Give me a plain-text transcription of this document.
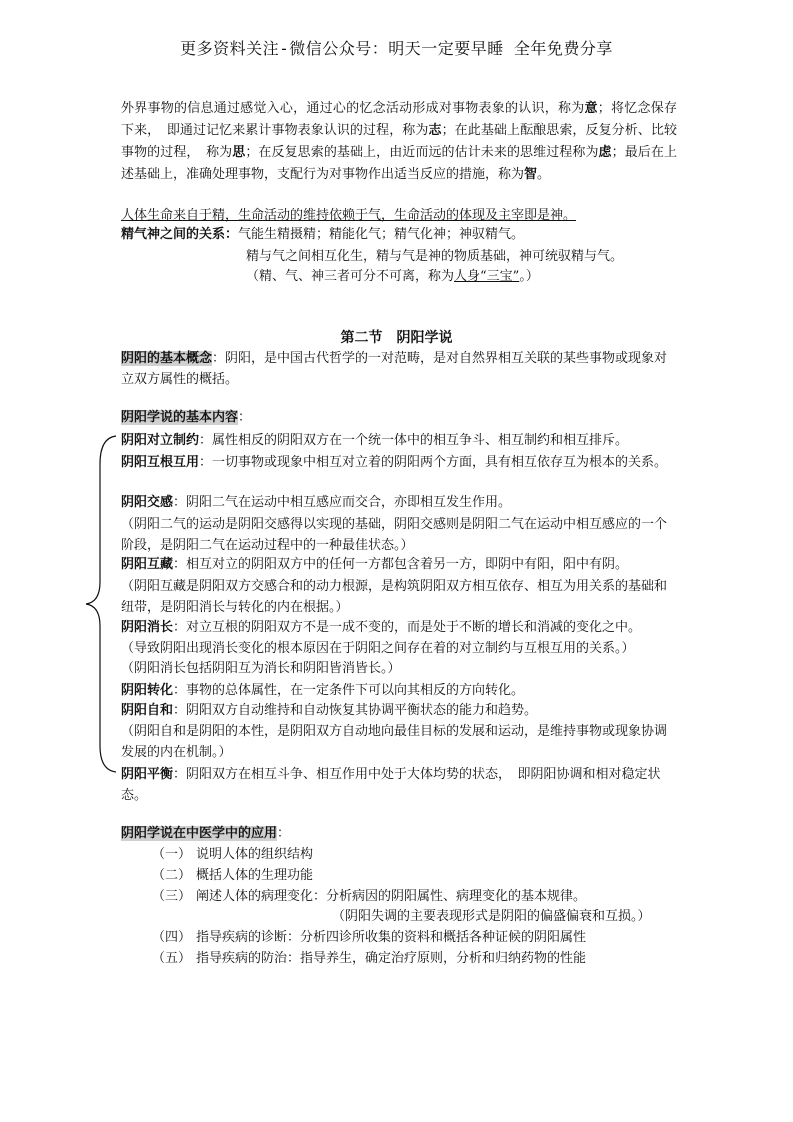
更多资料关注-微信公众号：明天一定要早睡 全年免费分享
外界事物的信息通过感觉入心，通过心的忆念活动形成对事物表象的认识，称为意；将忆念保存下来，　即通过记忆来累计事物表象认识的过程，称为志；在此基础上酝酿思索，反复分析、比较事物的过程，　称为思；在反复思索的基础上，由近而远的估计未来的思维过程称为虑；最后在上述基础上，准确处理事物，支配行为对事物作出适当反应的措施，称为智。
人体生命来自于精，生命活动的维持依赖于气，生命活动的体现及主宰即是神。
精气神之间的关系：气能生精摄精；精能化气；精气化神；神驭精气。
精与气之间相互化生，精与气是神的物质基础，神可统驭精与气。
（精、气、神三者可分不可离，称为人身“三宝”。）
第二节　阴阳学说
阴阳的基本概念：阴阳，是中国古代哲学的一对范畴，是对自然界相互关联的某些事物或现象对立双方属性的概括。
阴阳学说的基本内容：
阴阳对立制约：属性相反的阴阳双方在一个统一体中的相互争斗、相互制约和相互排斥。
阴阳互根互用：一切事物或现象中相互对立着的阴阳两个方面，具有相互依存互为根本的关系。
阴阳交感：阴阳二气在运动中相互感应而交合，亦即相互发生作用。
（阴阳二气的运动是阴阳交感得以实现的基础，阴阳交感则是阴阳二气在运动中相互感应的一个阶段，是阴阳二气在运动过程中的一种最佳状态。）
阴阳互藏：相互对立的阴阳双方中的任何一方都包含着另一方，即阴中有阳，阳中有阴。
（阴阳互藏是阴阳双方交感合和的动力根源，是构筑阴阳双方相互依存、相互为用关系的基础和纽带，是阴阳消长与转化的内在根据。）
阴阳消长：对立互根的阴阳双方不是一成不变的，而是处于不断的增长和消减的变化之中。
（导致阴阳出现消长变化的根本原因在于阴阳之间存在着的对立制约与互根互用的关系。）
（阴阳消长包括阴阳互为消长和阴阳皆消皆长。）
阴阳转化：事物的总体属性，在一定条件下可以向其相反的方向转化。
阴阳自和：阴阳双方自动维持和自动恢复其协调平衡状态的能力和趋势。
（阴阳自和是阴阳的本性，是阴阳双方自动地向最佳目标的发展和运动，是维持事物或现象协调发展的内在机制。）
阴阳平衡：阴阳双方在相互斗争、相互作用中处于大体均势的状态，　即阴阳协调和相对稳定状态。
阴阳学说在中医学中的应用：
（一） 说明人体的组织结构
（二） 概括人体的生理功能
（三） 阐述人体的病理变化：分析病因的阴阳属性、病理变化的基本规律。
（阴阳失调的主要表现形式是阴阳的偏盛偏衰和互损。）
（四） 指导疾病的诊断：分析四诊所收集的资料和概括各种证候的阴阳属性
（五） 指导疾病的防治：指导养生，确定治疗原则，分析和归纳药物的性能
